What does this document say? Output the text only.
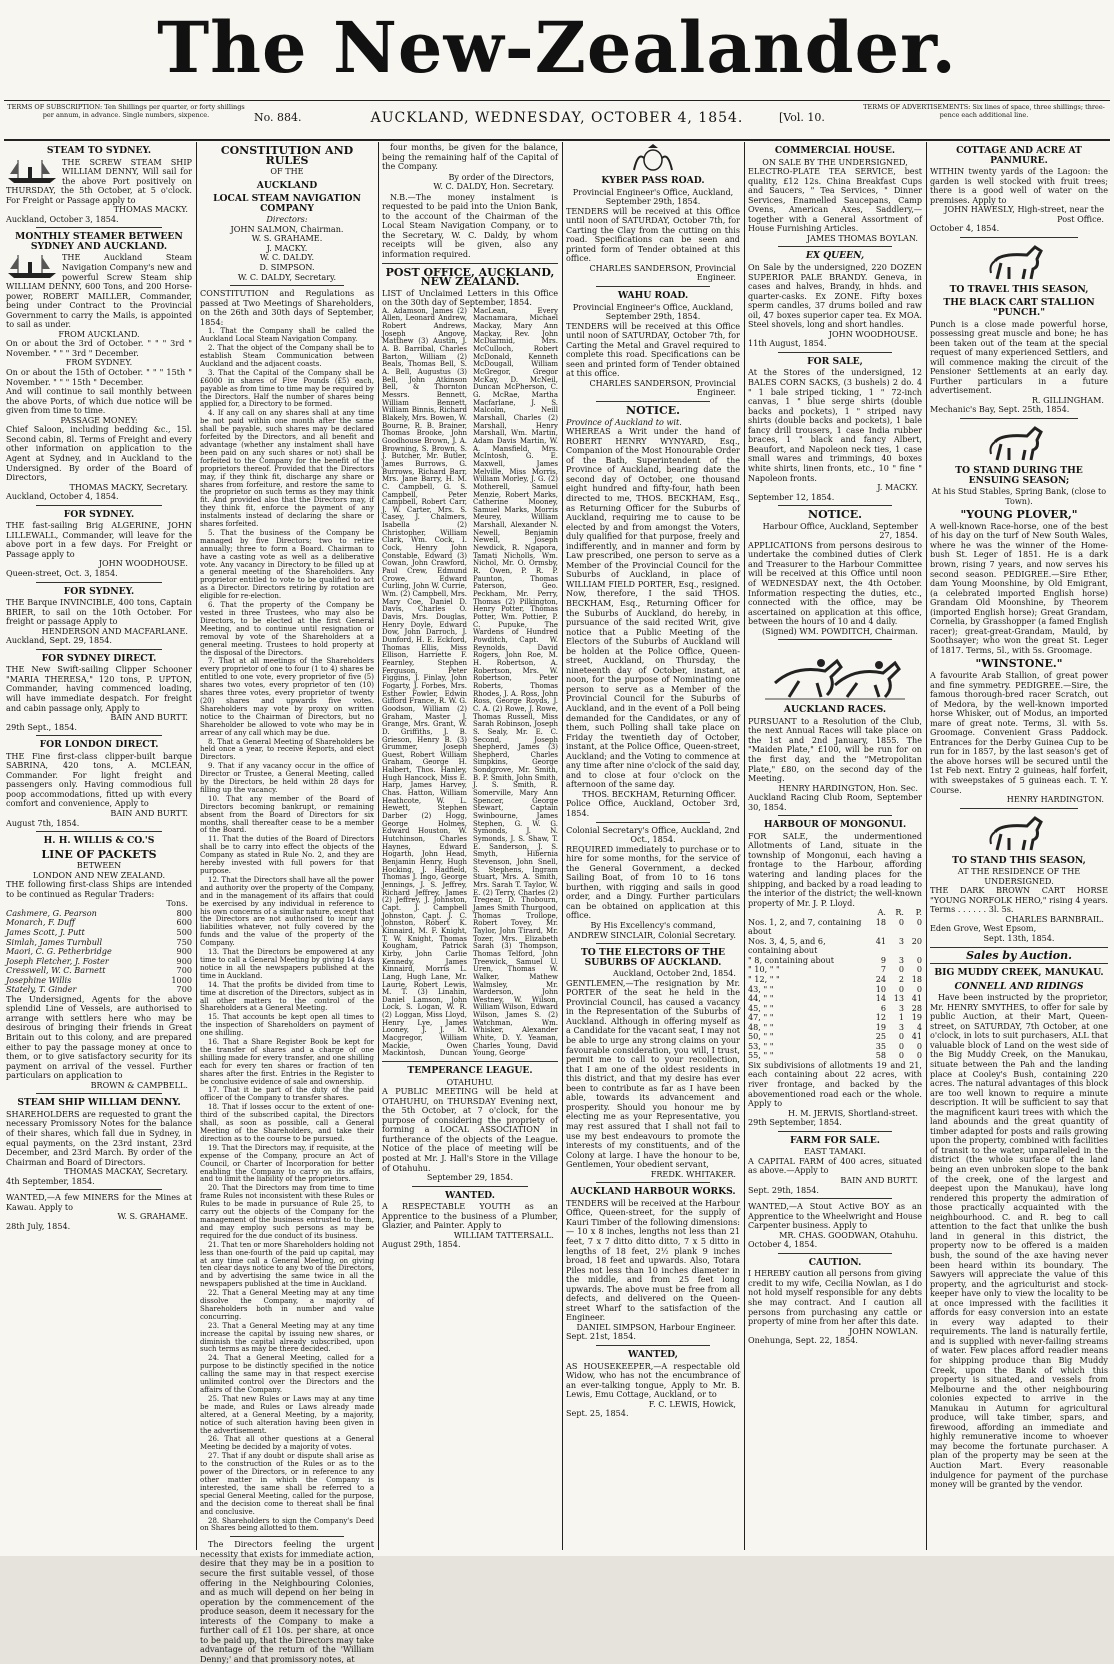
The New-Zealander.
TERMS OF SUBSCRIPTION: Ten Shillings per quarter, or forty shillings per annum, in advance. Single numbers, sixpence.	No. 884.	AUCKLAND, WEDNESDAY, OCTOBER 4, 1854.	[Vol. 10.
TERMS OF ADVERTISEMENTS: Six lines of space, three shillings; three-pence each additional line.
STEAM TO SYDNEY.
THE SCREW STEAM SHIP WILLIAM DENNY, Will sail for the above Port positively on THURSDAY, the 5th October, at 5 o'clock. For Freight or Passage apply to
THOMAS MACKY.
Auckland, October 3, 1854.
MONTHLY STEAMER BETWEEN SYDNEY AND AUCKLAND.
THE Auckland Steam Navigation Company's new and powerful Screw Steam ship WILLIAM DENNY, 600 Tons, and 200 Horse-power, ROBERT MAILLER, Commander, being under Contract to the Provincial Government to carry the Mails, is appointed to sail as under.
FROM AUCKLAND.
On or about the 3rd of October. " " " 3rd " November. " " " 3rd " December.
FROM SYDNEY.
On or about the 15th of October. " " " 15th " November. " " " 15th " December.
And will continue to sail monthly between the above Ports, of which due notice will be given from time to time.
PASSAGE MONEY:
Chief Saloon, including bedding &c., 15l. Second cabin, 8l. Terms of Freight and every other information on application to the Agent at Sydney, and in Auckland to the Undersigned. By order of the Board of Directors,
THOMAS MACKY, Secretary.
Auckland, October 4, 1854.
FOR SYDNEY.
THE fast-sailing Brig ALGERINE, JOHN LILLEWALL, Commander, will leave for the above port in a few days. For Freight or Passage apply to
JOHN WOODHOUSE.
Queen-street, Oct. 3, 1854.
FOR SYDNEY.
THE Barque INVINCIBLE, 400 tons, Captain BRIER, to sail on the 10th October. For freight or passage Apply to
HENDERSON AND MACFARLANE.
Auckland, Sept. 29, 1854.
FOR SYDNEY DIRECT.
THE New Swift-sailing Clipper Schooner "MARIA THERESA," 120 tons, P. UPTON, Commander, having commenced loading, will have immediate despatch. For freight and cabin passage only, Apply to
BAIN AND BURTT.
29th Sept., 1854.
FOR LONDON DIRECT.
THE Fine first-class clipper-built barque SABRINA, 420 tons, A. MCLEAN, Commander. For light freight and passengers only. Having commodious full poop accommodations, fitted up with every comfort and convenience, Apply to
BAIN AND BURTT.
August 7th, 1854.
H. H. WILLIS & CO.'S
LINE OF PACKETS
BETWEEN
LONDON AND NEW ZEALAND.
THE following first-class Ships are intended to be continued as Regular Traders:
Tons.
Cashmere, G. Pearson	800
Monarch, F. Duff	600
James Scott, J. Putt	500
Simlah, James Turnbull	750
Maori, C. G. Petherbridge	900
Joseph Fletcher, J. Foster	900
Cresswell, W. C. Barnett	700
Josephine Willis	1000
Stately, T. Ginder	700
The Undersigned, Agents for the above splendid Line of Vessels, are authorised to arrange with settlers here who may be desirous of bringing their friends in Great Britain out to this colony, and are prepared either to pay the passage money at once to them, or to give satisfactory security for its payment on arrival of the vessel. Further particulars on application to
BROWN & CAMPBELL.
STEAM SHIP WILLIAM DENNY.
SHAREHOLDERS are requested to grant the necessary Promissory Notes for the balance of their shares, which fall due in Sydney, in equal payments, on the 23rd instant, 23rd December, and 23rd March. By order of the Chairman and Board of Directors.
THOMAS MACKAY, Secretary.
4th September, 1854.
WANTED,—A few MINERS for the Mines at Kawau. Apply to
W. S. GRAHAME.
28th July, 1854.
CONSTITUTION AND RULES
OF THE
AUCKLAND
LOCAL STEAM NAVIGATION COMPANY
Directors:
JOHN SALMON, Chairman.
W. S. GRAHAME.
J. MACKY.
W. C. DALDY.
D. SIMPSON.
W. C. DALDY, Secretary.
CONSTITUTION and Regulations as passed at Two Meetings of Shareholders, on the 26th and 30th days of September, 1854:
1. That the Company shall be called the Auckland Local Steam Navigation Company.
2. That the object of the Company shall be to establish Steam Communication between Auckland and the adjacent coasts.
3. That the Capital of the Company shall be £6000 in shares of Five Pounds (£5) each, payable as from time to time may be required by the Directors. Half the number of shares being applied for, a Directory to be formed.
4. If any call on any shares shall at any time be not paid within one month after the same shall be payable, such shares may be declared forfeited by the Directors, and all benefit and advantage (whether any instalment shall have been paid on any such shares or not) shall be forfeited to the Company for the benefit of the proprietors thereof. Provided that the Directors may, if they think fit, discharge any share or shares from forfeiture, and restore the same to the proprietor on such terms as they may think fit. And provided also that the Directors may, if they think fit, enforce the payment of any instalments instead of declaring the share or shares forfeited.
5. That the business of the Company be managed by five Directors; two to retire annually; three to form a Board. Chairman to have a casting vote as well as a deliberative vote. Any vacancy in Directory to be filled up at a general meeting of the Shareholders. Any proprietor entitled to vote to be qualified to act as a Director. Directors retiring by rotation are eligible for re-election.
6. That the property of the Company be vested in three Trustees, who may also be Directors, to be elected at the first General Meeting, and to continue until resignation or removal by vote of the Shareholders at a general meeting. Trustees to hold property at the disposal of the Directors.
7. That at all meetings of the Shareholders every proprietor of one to four (1 to 4) shares be entitled to one vote, every proprietor of five (5) shares two votes, every proprietor of ten (10) shares three votes, every proprietor of twenty (20) shares and upwards five votes. Shareholders may vote by proxy on written notice to the Chairman of Directors, but no Shareholder be allowed to vote who may be in arrear of any call which may be due.
8. That a General Meeting of Shareholders be held once a year, to receive Reports, and elect Directors.
9. That if any vacancy occur in the office of Director or Trustee, a General Meeting, called by the Directors, be held within 28 days for filling up the vacancy.
10. That any member of the Board of Directors becoming bankrupt, or remaining absent from the Board of Directors for six months, shall thereafter cease to be a member of the Board.
11. That the duties of the Board of Directors shall be to carry into effect the objects of the Company as stated in Rule No. 2, and they are hereby invested with full powers for that purpose.
12. That the Directors shall have all the power and authority over the property of the Company, and in the management of its affairs that could be exercised by any individual in reference to his own concerns of a similar nature, except that the Directors are not authorised to incur any liabilities whatever, not fully covered by the funds and the value of the property of the Company.
13. That the Directors be empowered at any time to call a General Meeting by giving 14 days notice in all the newspapers published at the time in Auckland.
14. That the profits be divided from time to time at discretion of the Directors, subject as in all other matters to the control of the Shareholders at a General Meeting.
15. That accounts be kept open all times to the inspection of Shareholders on payment of one shilling.
16. That a Share Register Book be kept for the transfer of shares and a charge of one shilling made for every transfer, and one shilling each for every ten shares or fraction of ten shares after the first. Entries in the Register to be conclusive evidence of sale and ownership.
17. That it be part of the duty of the paid officer of the Company to transfer shares.
18. That if losses occur to the extent of one-third of the subscribed capital, the Directors shall, as soon as possible, call a General Meeting of the Shareholders, and take their direction as to the course to be pursued.
19. That the Directors may, if requisite, at the expense of the Company, procure an Act of Council, or Charter of Incorporation for better enabling the Company to carry on its affairs, and to limit the liability of the proprietors.
20. That the Directors may from time to time frame Rules not inconsistent with these Rules or Rules to be made in pursuance of Rule 25, to carry out the objects of the Company for the management of the business entrusted to them, and may employ such persons as may be required for the due conduct of its business.
21. That ten or more Shareholders holding not less than one-fourth of the paid up capital, may at any time call a General Meeting, on giving ten clear days notice to any two of the Directors, and by advertising the same twice in all the newspapers published at the time in Auckland.
22. That a General Meeting may at any time dissolve the Company, a majority of Shareholders both in number and value concurring.
23. That a General Meeting may at any time increase the capital by issuing new shares, or diminish the capital already subscribed, upon such terms as may be there decided.
24. That a General Meeting, called for a purpose to be distinctly specified in the notice calling the same may in that respect exercise unlimited control over the Directors and the affairs of the Company.
25. That new Rules or Laws may at any time be made, and Rules or Laws already made altered, at a General Meeting, by a majority, notice of such alteration having been given in the advertisement.
26. That all other questions at a General Meeting be decided by a majority of votes.
27. That if any doubt or dispute shall arise as to the construction of the Rules or as to the power of the Directors, or in reference to any other matter in which the Company is interested, the same shall be referred to a special General Meeting, called for the purpose, and the decision come to thereat shall be final and conclusive.
28. Shareholders to sign the Company's Deed on Shares being allotted to them.
The Directors feeling the urgent necessity that exists for immediate action, desire that they may be in a position to secure the first suitable vessel, of those offering in the Neighbouring Colonies, and as much will depend on her being in operation by the commencement of the produce season, deem it necessary for the interests of the Company to make a further call of £1 10s. per share, at once to be paid up, that the Directors may take advantage of the return of the 'William Denny;' and that promissory notes, at
four months, be given for the balance, being the remaining half of the Capital of the Company.
By order of the Directors,
W. C. DALDY, Hon. Secretary.
N.B.—The money instalment is requested to be paid into the Union Bank, to the account of the Chairman of the Local Steam Navigation Company, or to the Secretary, W. C. Daldy, by whom receipts will be given, also any information required.
POST OFFICE, AUCKLAND, NEW ZEALAND.
LIST of Unclaimed Letters in this Office on the 30th day of September, 1854.
A. Adamson, James (2) Allen, Leonard Andrew, Robert Andrews, Joseph Angove, Matthew (3) Austin, J. A. B. Barribal, Charles Barton, William (2) Beals, Thomas Bell, S. A. Bell, Augustus (3) Bell, John Atkinson Bell, & Thornton Messrs. Bennett, William Bennett, William Binnis, Richard Blakely, Mrs. Bowen, W. Bourne, R. B. Brainer, Thomas Brooke, John Goodhouse Brown, J. A. Browning, S. Brown, S. J. Butcher, Mr. Butler, James Burrows, G. Burrows, Richard Barr, Mrs. Jane Barry, H. M. C. Campbell, G. S. Campbell, Peter Campbell, Robert Carr, J. W. Carter, Mrs. S. Casey, J. Chalmers, Isabella (2) Christopher, William Clark, Wm. Cock, I. Cock, Henry John Constable, Edward (3) Cowan, John Crawford, Paul Crew, Edmund Crowe, Edward Curling, John W. Currie, Wm. (2) Campbell, Mrs. Mary Coe, Daniel D. Davis, Charles O. Davis, Mrs. Douglas, Henry Doyle, Edward Dow, John Darroch, J. Dunford, H. E. Eckford, Thomas Ellis, Miss Ellison, Harriette F. Fearnley, Stephen Ferguson, Peter Figgins, J. Finlay, John Fogarty, J. Forbes, Mrs. Esther Fowler, Edwin Gifford France, R. W. G. Goodson, William (2) Graham, Master J. Grange, Mrs. Grant, W. D. Griffiths, J. B. Grieson, Henry B. (3) Grummer, Joseph Guest, Robert William Graham, George H. Halbert, Thos. Hanley, Hugh Hancock, Miss E. Harp, James Harvey, Chas. Hatton, William Heathcote, W. L. Hewett, Stephen Darber (2) Hogg, George Holmes, Edward Houston, W. Hutchinson, Charles Haynes, Edward Hogarth, John Head, Benjamin Henry, Hugh Hocking, J. Hadfield, Thomas J. Ingo, George Jennings, J. S. Jeffrey, Richard Jeffrey, James (2) Jeffrey, J. Johnston, Capt. J. Campbell Johnston, Capt. J. C. Johnston, Robert K. Kinnaird, M. F. Knight, T. W. Knight, Thomas Kougham, Patrick Kirby, John Carlie Kennedy, James Kinnaird, Morris L. Lang, Hugh Lane, Mr. Laurie, Robert Lewis, M. T. (3) Linahin, Daniel Lamson, John Lock, S. Logan, W. R. (2) Loggan, Miss Lloyd, Henry Lye, James Looney, J. J. M. Macgregor, William Mackie, Owen Mackintosh, Duncan MacLean, Every Macnamara, Michael Mackay, Mary Ann Mackay, Rev. John McDiarmid, Mrs. McCulloch, Robert McDonald, Kenneth McDougall, William McGregor, Gregor McKay, D. McNeil, Duncan McPherson, C. G. McRae, Martha Macfarlane, J. S. Malcolm, Neill Marshall, Charles (2) Marshall, Henry Marshall, Wm. Martin, Adam Davis Martin, W. A. Mansfield, Mrs. McIntosh, G. E. Maxwell, James Melville, Miss Morris, William Morley, J. G. (2) Motherell, Samuel Menzie, Robert Marks, Catherine Mooney, Samuel Marks, Morris Meurey, William Marshall, Alexander N. Newell, Benjamin Newell, Joseph Newdick, R. Ngapora, Tamati Nicholls, Wm. Nichol, Mr. O. Ormsby, R. Owen, P. R. P. Paunton, Thomas Paterson, Geo. Peckham, Mr. Perry, Thomas (2) Pilkington, Henry Potter, Thomas Potter, Wm. Pottier, P. C. Pupuke, The Wardens of Hundred Powditch, Capt. W. Reynolds, David Rogers, John Roe, M. H. Robertson, A. Robertson, Mrs. W. Robertson, Peter Roberts, Thomas Rhodes, J. A. Ross, John Ross, George Royds, J. C. A. (2) Rowe, J. Rowe, Thomas Russell, Miss Sarah Robinson, Joseph S. Sealy, Mr. E. C. Second, Joseph Shepherd, James (3) Shepherd, Charles Simpkins, George Sondgrove, Mr. Smith, B. P. Smith, John Smith, J. S. Smith, R. Somerville, Mary Ann Spencer, George Stewart, Captain Swinbourne, James Stephen, G. W. G. Symonds, J. N. Symonds, J. S. Shaw, T. E. Sanderson, J. S. Smyth, Hibernia Stevenson, John Snell, S. Stephens, Ingram Stuart, Mrs. A. Smith, Mrs. Sarah T. Taylor, W. E. (2) Terry, Charles (2) Tregear, D. Thobourn, James Smith Thurgood, Thomas Trollope, Robert Tovey, Mr. Taylor, John Tirard, Mr. Tozer, Mrs. Elizabeth Sarah (3) Thompson, Thomas Telford, John Treewick, Samuel U. Uren, Thomas W. Walker, Mathew Walmsley, Mr. Warderson, John Westney, W. Wilson, William Wilson, Edward Wilson, James S. (2) Watchman, Wm. Whisker, Alexander White, D. Y. Yeaman, Charles Young, David Young, George
TEMPERANCE LEAGUE.
OTAHUHU.
A PUBLIC MEETING will be held at OTAHUHU, on THURSDAY Evening next, the 5th October, at 7 o'clock, for the purpose of considering the propriety of forming a LOCAL ASSOCIATION in furtherance of the objects of the League. Notice of the place of meeting will be posted at Mr. J. Hall's Store in the Village of Otahuhu.
September 29, 1854.
WANTED.
A RESPECTABLE YOUTH as an Apprentice to the business of a Plumber, Glazier, and Painter. Apply to
WILLIAM TATTERSALL.
August 29th, 1854.
KYBER PASS ROAD.
Provincial Engineer's Office, Auckland, September 29th, 1854.
TENDERS will be received at this Office until noon of SATURDAY, October 7th, for Carting the Clay from the cutting on this road. Specifications can be seen and printed form of Tender obtained at this office.
CHARLES SANDERSON, Provincial Engineer.
WAHU ROAD.
Provincial Engineer's Office, Auckland, September 29th, 1854.
TENDERS will be received at this Office until noon of SATURDAY, October 7th, for Carting the Metal and Gravel required to complete this road. Specifications can be seen and printed form of Tender obtained at this office.
CHARLES SANDERSON, Provincial Engineer.
NOTICE.
Province of Auckland to wit.
WHEREAS a Writ under the hand of ROBERT HENRY WYNYARD, Esq., Companion of the Most Honourable Order of the Bath, Superintendent of the Province of Auckland, bearing date the second day of October, one thousand eight hundred and fifty-four, hath been directed to me, THOS. BECKHAM, Esq., as Returning Officer for the Suburbs of Auckland, requiring me to cause to be elected by and from amongst the Voters, duly qualified for that purpose, freely and indifferently, and in manner and form by Law prescribed, one person to serve as a Member of the Provincial Council for the Suburbs of Auckland, in place of WILLIAM FIELD PORTER, Esq., resigned. Now, therefore, I the said THOS. BECKHAM, Esq., Returning Officer for the Suburbs of Auckland, do hereby, in pursuance of the said recited Writ, give notice that a Public Meeting of the Electors of the Suburbs of Auckland will be holden at the Police Office, Queen-street, Auckland, on Thursday, the nineteenth day of October, instant, at noon, for the purpose of Nominating one person to serve as a Member of the Provincial Council for the Suburbs of Auckland, and in the event of a Poll being demanded for the Candidates, or any of them, such Polling shall take place on Friday the twentieth day of October, instant, at the Police Office, Queen-street, Auckland; and the Voting to commence at any time after nine o'clock of the said day, and to close at four o'clock on the afternoon of the same day.
THOS. BECKHAM, Returning Officer.
Police Office, Auckland, October 3rd, 1854.
Colonial Secretary's Office, Auckland, 2nd Oct., 1854.
REQUIRED immediately to purchase or to hire for some months, for the service of the General Government, a decked Sailing Boat, of from 10 to 16 tons burthen, with rigging and sails in good order, and a Dingy. Further particulars can be obtained on application at this office.
By His Excellency's command,
ANDREW SINCLAIR, Colonial Secretary.
TO THE ELECTORS OF THE SUBURBS OF AUCKLAND.
Auckland, October 2nd, 1854.
GENTLEMEN,—The resignation by Mr. PORTER of the seat he held in the Provincial Council, has caused a vacancy in the Representation of the Suburbs of Auckland. Although in offering myself as a Candidate for the vacant seat, I may not be able to urge any strong claims on your favourable consideration, you will, I trust, permit me to call to your recollection, that I am one of the oldest residents in this district, and that my desire has ever been to contribute as far as I have been able, towards its advancement and prosperity. Should you honour me by electing me as your Representative, you may rest assured that I shall not fail to use my best endeavours to promote the interests of my constituents, and of the Colony at large. I have the honour to be, Gentlemen, Your obedient servant,
FREDK. WHITAKER.
AUCKLAND HARBOUR WORKS.
TENDERS will be received at the Harbour Office, Queen-street, for the supply of Kauri Timber of the following dimensions:— 10 x 8 inches, lengths not less than 21 feet, 7 x 7 ditto ditto ditto, 7 x 5 ditto in lengths of 18 feet, 2½ plank 9 inches broad, 18 feet and upwards. Also, Totara Piles not less than 10 inches diameter in the middle, and from 25 feet long upwards. The above must be free from all defects, and delivered on the Queen-street Wharf to the satisfaction of the Engineer.
DANIEL SIMPSON, Harbour Engineer.
Sept. 21st, 1854.
WANTED,
AS HOUSEKEEPER,—A respectable old Widow, who has not the encumbrance of an ever-talking tongue, Apply to Mr. B. Lewis, Emu Cottage, Auckland, or to
F. C. LEWIS, Howick,
Sept. 25, 1854.
COMMERCIAL HOUSE.
ON SALE BY THE UNDERSIGNED,
ELECTRO-PLATE TEA SERVICE, best quality, £12 12s. China Breakfast Cups and Saucers, " Tea Services, " Dinner Services, Enamelled Saucepans, Camp Ovens, American Axes, Saddlery,—together with a General Assortment of House Furnishing Articles.
JAMES THOMAS BOYLAN.
EX QUEEN,
On Sale by the undersigned, 220 DOZEN SUPERIOR PALE BRANDY. Geneva, in cases and halves, Brandy, in hhds. and quarter-casks. Ex ZONE. Fifty boxes sperm candles, 37 drums boiled and raw oil, 47 boxes superior caper tea. Ex MOA. Steel shovels, long and short handles.
JOHN WOODHOUSE.
11th August, 1854.
FOR SALE,
At the Stores of the undersigned, 12 BALES CORN SACKS, (3 bushels) 2 do. 4 " 1 bale striped ticking, 1 " 72-inch canvas, 1 " blue serge shirts (double backs and pockets), 1 " striped navy shirts (double backs and pockets), 1 bale fancy drill trousers, 1 case India rubber braces, 1 " black and fancy Albert, Beaufort, and Napoleon neck ties, 1 case small wares and trimmings, 40 boxes white shirts, linen fronts, etc., 10 " fine " Napoleon fronts.
J. MACKY.
September 12, 1854.
NOTICE.
Harbour Office, Auckland, September 27, 1854.
APPLICATIONS from persons desirous to undertake the combined duties of Clerk and Treasurer to the Harbour Committee will be received at this Office until noon of WEDNESDAY next, the 4th October. Information respecting the duties, etc., connected with the office, may be ascertained on application at this office, between the hours of 10 and 4 daily.
(Signed) WM. POWDITCH, Chairman.
AUCKLAND RACES.
PURSUANT to a Resolution of the Club, the next Annual Races will take place on the 1st and 2nd January, 1855. The "Maiden Plate," £100, will be run for on the first day, and the "Metropolitan Plate," £80, on the second day of the Meeting.
HENRY HARDINGTON, Hon. Sec.
Auckland Racing Club Room, September 30, 1854.
HARBOUR OF MONGONUI.
FOR SALE, the undermentioned Allotments of Land, situate in the township of Mongonui, each having a frontage to the Harbour, affording watering and landing places for the shipping, and backed by a road leading to the interior of the district; the well-known property of Mr. J. P. Lloyd.
A.	R.	P.
Nos. 1, 2, and 7, containing about
18	0	0
Nos. 3, 4, 5, and 6, containing about
41	3 20
" 8, containing about	9	3	0
" 10, " "	7	0	0
" 12, " "	24	2 18
43, " "	10	0	0
44, " "	14 13 41
45, " "	6	3 28
47, " "	12	1 19
48, " "	19	3	4
50, " "	25	0 41
53, " "	35	0	0
55, " "	58	0	0
Six subdivisions of allotments 19 and 21, each containing about 22 acres, with river frontage, and backed by the abovementioned road each or the whole. Apply to
H. M. JERVIS, Shortland-street.
29th September, 1854.
FARM FOR SALE.
EAST TAMAKI.
A CAPITAL FARM of 400 acres, situated as above.—Apply to
BAIN AND BURTT.
Sept. 29th, 1854.
WANTED,—A Stout Active BOY as an Apprentice to the Wheelwright and House Carpenter business. Apply to
MR. CHAS. GOODWAN, Otahuhu.
October 4, 1854.
CAUTION.
I HEREBY caution all persons from giving credit to my wife, Cecilia Nowlan, as I do not hold myself responsible for any debts she may contract. And I caution all persons from purchasing any cattle or property of mine from her after this date.
JOHN NOWLAN.
Onehunga, Sept. 22, 1854.
COTTAGE AND ACRE AT PANMURE.
WITHIN twenty yards of the Lagoon: the garden is well stocked with fruit trees; there is a good well of water on the premises. Apply to
JOHN HAWESLY, High-street, near the Post Office.
October 4, 1854.
TO TRAVEL THIS SEASON,
THE BLACK CART STALLION "PUNCH."
Punch is a close made powerful horse, possessing great muscle and bone; he has been taken out of the team at the special request of many experienced Settlers, and will commence making the circuit of the Pensioner Settlements at an early day. Further particulars in a future advertisement.
R. GILLINGHAM.
Mechanic's Bay, Sept. 25th, 1854.
TO STAND DURING THE ENSUING SEASON;
At his Stud Stables, Spring Bank, (close to Town).
"YOUNG PLOVER,"
A well-known Race-horse, one of the best of his day on the turf of New South Wales, where he was the winner of the Home-bush St. Leger of 1851. He is a dark brown, rising 7 years, and now serves his second season. PEDIGREE.—Sire Ether, dam Young Moonshine, by Old Emigrant, (a celebrated imported English horse) Grandam Old Moonshine, by Theorem (imported English horse); Great Grandam, Cornelia, by Grasshopper (a famed English racer); great-great-Grandam, Mauld, by Soothsayer; who won the great St. Leger of 1817. Terms, 5l., with 5s. Groomage.
"WINSTONE."
A favourite Arab Stallion, of great power and fine symmetry. PEDIGREE.—Sire, the famous thorough-bred racer Scratch, out of Medora, by the well-known imported horse Whisker, out of Modus, an imported mare of great note. Terms, 3l. with 5s. Groomage. Convenient Grass Paddock. Entrances for the Derby Guinea Cup to be run for in 1857, by the last season's get of the above horses will be secured until the 1st Feb next. Entry 2 guineas, half forfeit, with sweepstakes of 5 guineas each. T. Y. Course.
HENRY HARDINGTON.
TO STAND THIS SEASON,
AT THE RESIDENCE OF THE UNDERSIGNED.
THE DARK BROWN CART HORSE "YOUNG NORFOLK HERO," rising 4 years. Terms . . . . . . 3l. 5s.
CHARLES BARNBRAIL.
Eden Grove, West Epsom,
Sept. 13th, 1854.
Sales by Auction.
BIG MUDDY CREEK, MANUKAU.
CONNELL AND RIDINGS
Have been instructed by the proprietor, Mr. HENRY SMYTHES, to offer for sale by public Auction, at their Mart, Queen-street, on SATURDAY, 7th October, at one o'clock, in lots to suit purchasers, ALL that valuable block of Land on the west side of the Big Muddy Creek, on the Manukau, situate between the Pah and the landing place at Cooley's Bush, containing 220 acres. The natural advantages of this block are too well known to require a minute description. It will be sufficient to say that the magnificent kauri trees with which the land abounds and the great quantity of timber adapted for posts and rails growing upon the property, combined with facilities of transit to the water, unparalleled in the district (the whole surface of the land being an even unbroken slope to the bank of the creek, one of the largest and deepest upon the Manukau), have long rendered this property the admiration of those practically acquainted with the neighbourhood. C. and R. beg to call attention to the fact that unlike the bush land in general in this district, the property now to be offered is a maiden bush, the sound of the axe having never been heard within its boundary. The Sawyers will appreciate the value of this property, and the agriculturist and stock-keeper have only to view the locality to be at once impressed with the facilities it affords for easy conversion into an estate in every way adapted to their requirements. The land is naturally fertile, and is supplied with never-failing streams of water. Few places afford readier means for shipping produce than Big Muddy Creek, upon the Bank of which this property is situated, and vessels from Melbourne and the other neighbouring colonies expected to arrive in the Manukau in Autumn for agricultural produce, will take timber, spars, and firewood, affording an immediate and highly remunerative income to whoever may become the fortunate purchaser. A plan of the property may be seen at the Auction Mart. Every reasonable indulgence for payment of the purchase money will be granted by the vendor.
